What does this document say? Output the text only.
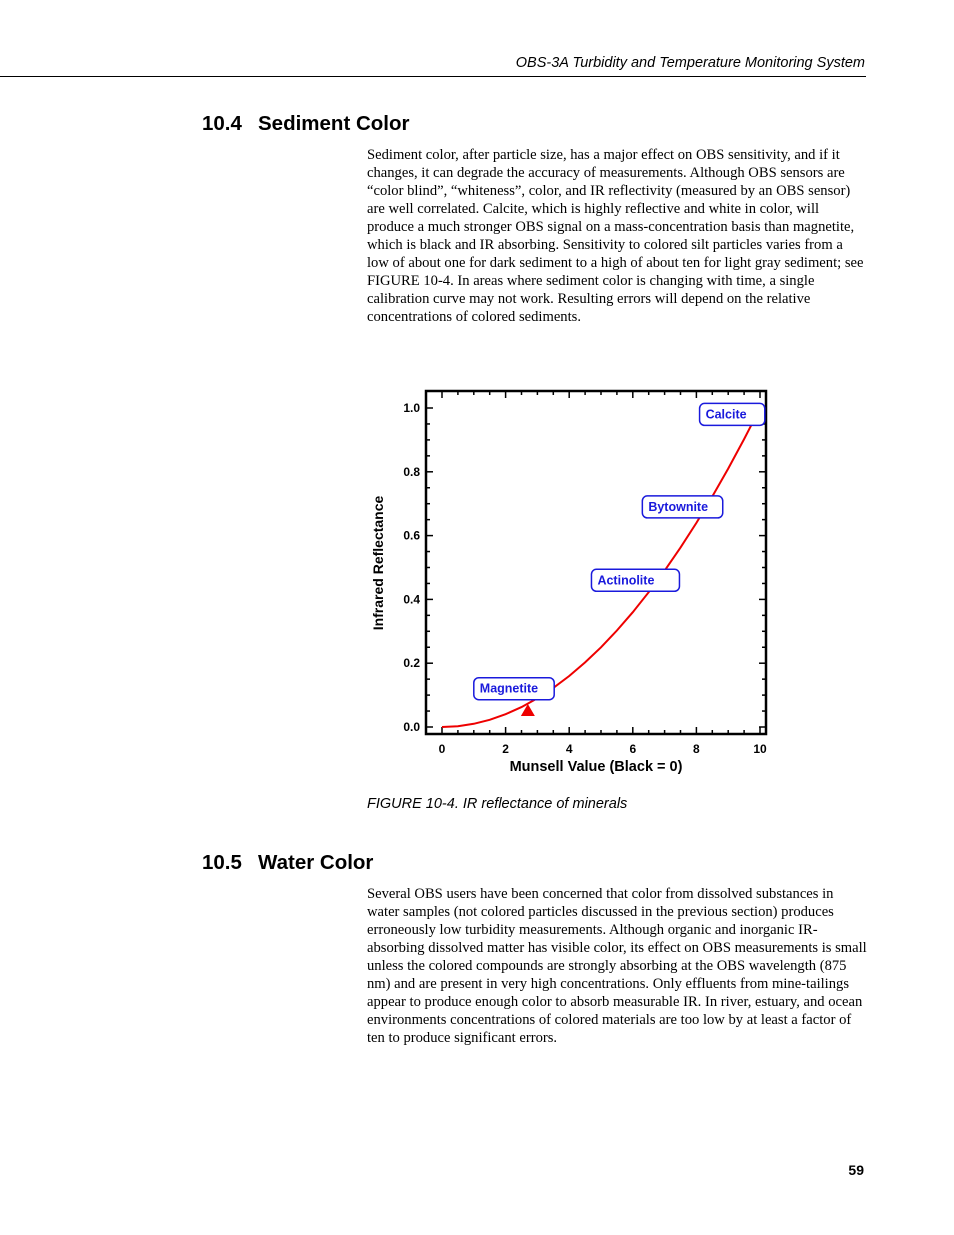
OBS-3A Turbidity and Temperature Monitoring System
10.4 Sediment Color

Sediment color, after particle size, has a major effect on OBS sensitivity, and if it changes, it can degrade the accuracy of measurements. Although OBS sensors are “color blind”, “whiteness”, color, and IR reflectivity (measured by an OBS sensor) are well correlated. Calcite, which is highly reflective and white in color, will produce a much stronger OBS signal on a mass-concentration basis than magnetite, which is black and IR absorbing. Sensitivity to colored silt particles varies from a low of about one for dark sediment to a high of about ten for light gray sediment; see FIGURE 10-4. In areas where sediment color is changing with time, a single calibration curve may not work. Resulting errors will depend on the relative concentrations of colored sediments.

0.0
0.2
0.4
0.6
0.8
1.0
0	2	4	6	8	10
Munsell Value (Black = 0)
Infrared Reflectance
Magnetite
Actinolite
Bytownite
Calcite
FIGURE 10-4. IR reflectance of minerals
10.5 Water Color

Several OBS users have been concerned that color from dissolved substances in water samples (not colored particles discussed in the previous section) produces erroneously low turbidity measurements. Although organic and inorganic IR-absorbing dissolved matter has visible color, its effect on OBS measurements is small unless the colored compounds are strongly absorbing at the OBS wavelength (875 nm) and are present in very high concentrations. Only effluents from mine-tailings appear to produce enough color to absorb measurable IR. In river, estuary, and ocean environments concentrations of colored materials are too low by at least a factor of ten to produce significant errors.

59
